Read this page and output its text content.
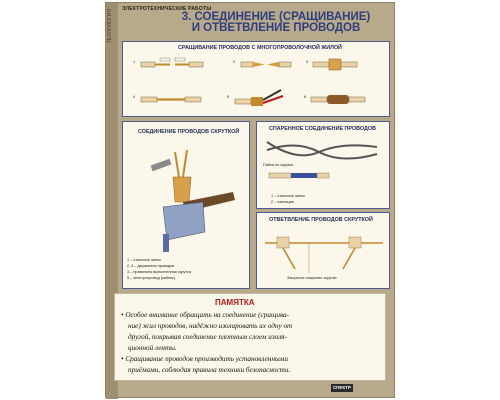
ТЕХНОЛОГИЯ ЭЛЕКТРОТЕХНИЧЕСКИЕ РАБОТЫ
3. СОЕДИНЕНИЕ (СРАЩИВАНИЕ)
И ОТВЕТВЛЕНИЕ ПРОВОДОВ
СРАЩИВАНИЕ ПРОВОДОВ С МНОГОПРОВОЛОЧНОЙ ЖИЛОЙ
1	2	3
4	5	6
СОЕДИНЕНИЕ ПРОВОДОВ СКРУТКОЙ
1 – стальные жилы
2, 4 – держатели проводов
3 – правильно выполненная скрутка
5 – электропровод (кабель)
СПАРЕННОЕ СОЕДИНЕНИЕ ПРОВОДОВ
Пайка по скрутке
1 – стальные жилы
2 – изоляция
ОТВЕТВЛЕНИЕ ПРОВОДОВ СКРУТКОЙ
Защитное покрытие скрутки
ПАМЯТКА
• Особое внимание обращать на соединение (сращива-
ние) жил проводов, надёжно изолировать их одну от
другой, покрывая соединение плотным слоем изоля-
ционной ленты.
• Сращивание проводов производить установленными
приёмами, соблюдая правила техники безопасности.
СПЕКТР
